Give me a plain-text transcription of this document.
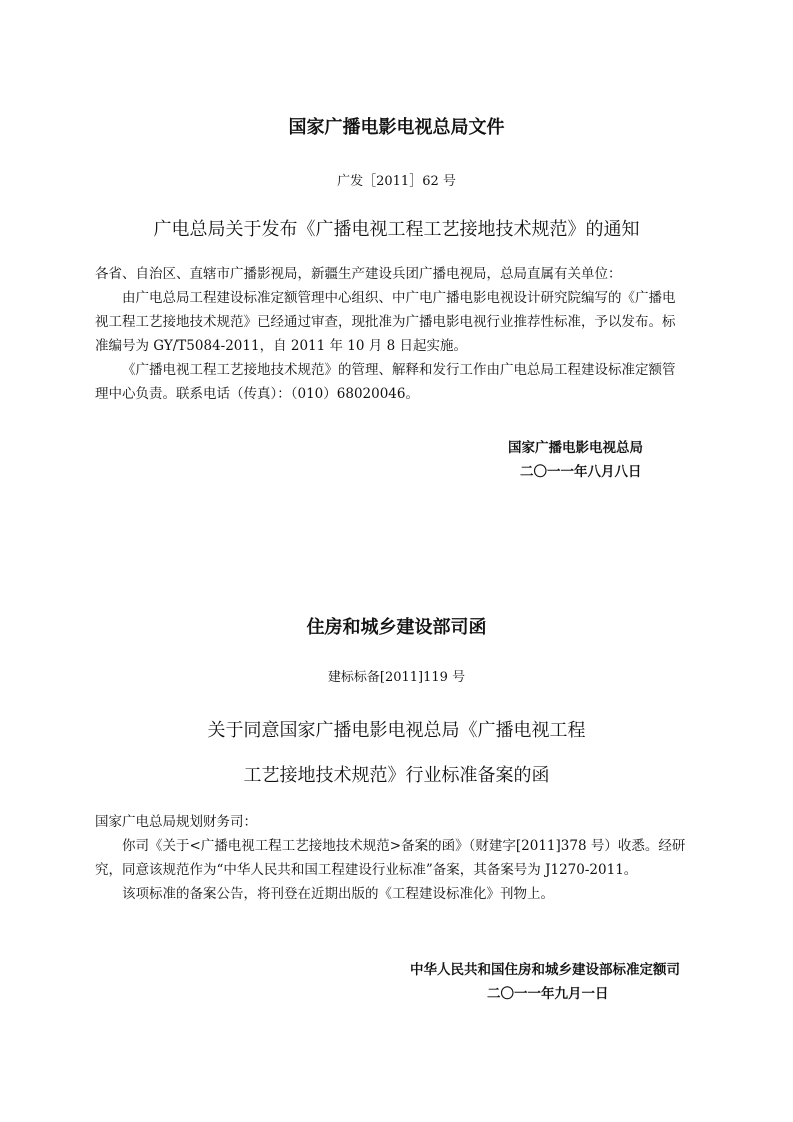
国家广播电影电视总局文件
广发［2011］62 号
广电总局关于发布《广播电视工程工艺接地技术规范》的通知

各省、自治区、直辖市广播影视局，新疆生产建设兵团广播电视局，总局直属有关单位：

由广电总局工程建设标准定额管理中心组织、中广电广播电影电视设计研究院编写的《广播电

视工程工艺接地技术规范》已经通过审查，现批准为广播电影电视行业推荐性标准，予以发布。标

准编号为 GY/T5084-2011，自 2011 年 10 月 8 日起实施。

《广播电视工程工艺接地技术规范》的管理、解释和发行工作由广电总局工程建设标准定额管

理中心负责。联系电话（传真）：（010）68020046。

国家广播电影电视总局
二〇一一年八月八日
住房和城乡建设部司函
建标标备[2011]119 号
关于同意国家广播电影电视总局《广播电视工程
工艺接地技术规范》行业标准备案的函

国家广电总局规划财务司：

你司《关于<广播电视工程工艺接地技术规范>备案的函》（财建字[2011]378 号）收悉。经研

究，同意该规范作为“中华人民共和国工程建设行业标准”备案，其备案号为 J1270-2011。

该项标准的备案公告，将刊登在近期出版的《工程建设标准化》刊物上。

中华人民共和国住房和城乡建设部标准定额司
二〇一一年九月一日
